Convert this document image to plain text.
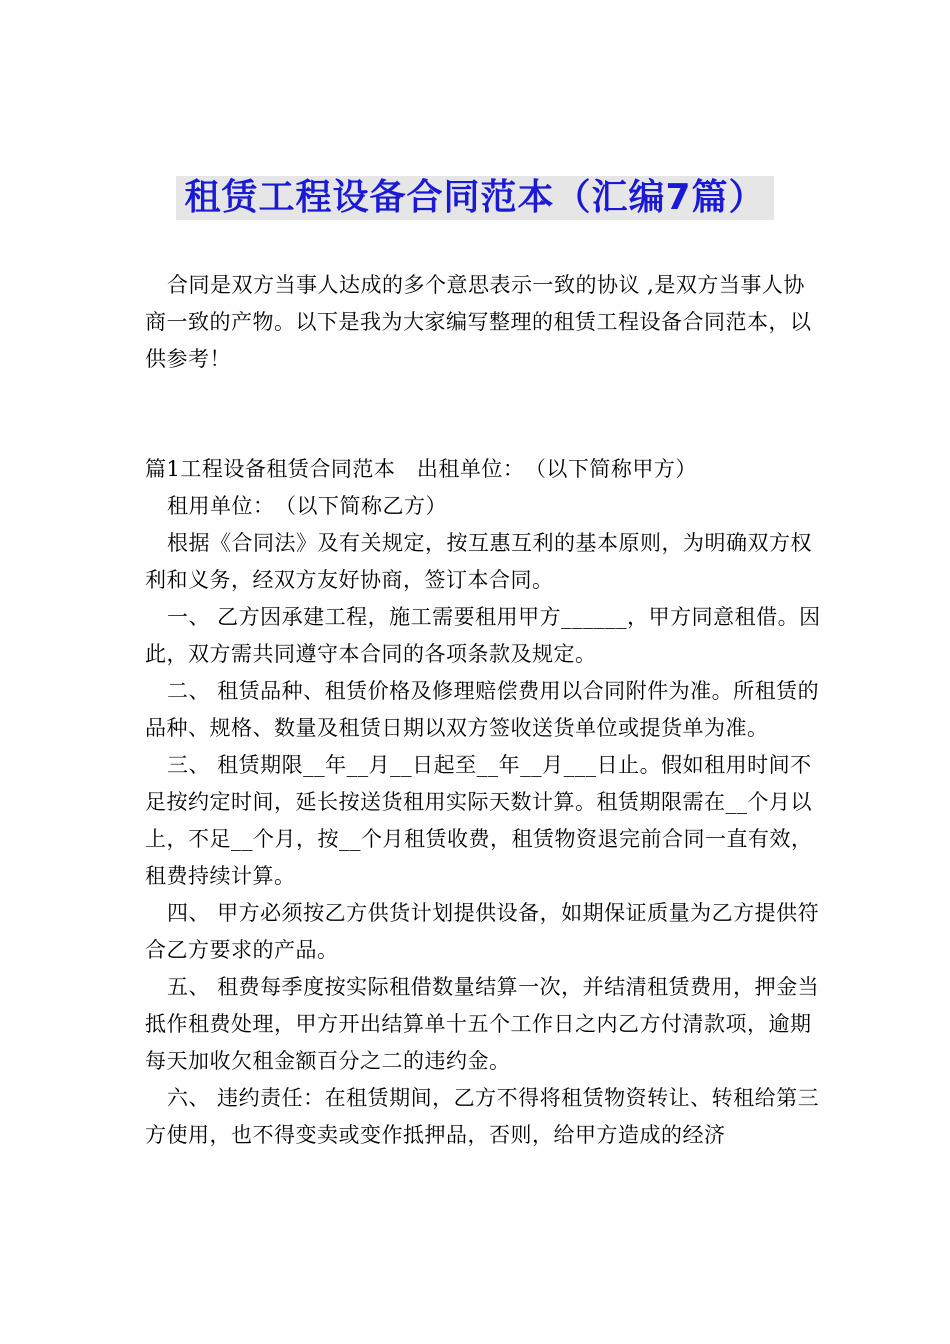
租赁工程设备合同范本（汇编7篇）

合同是双方当事人达成的多个意思表示一致的协议 ,是双方当事人协商一致的产物。以下是我为大家编写整理的租赁工程设备合同范本，以供参考！

篇1工程设备租赁合同范本　出租单位：　（以下简称甲方）

租用单位：　（以下简称乙方）

根据《合同法》及有关规定，按互惠互利的基本原则，为明确双方权利和义务，经双方友好协商，签订本合同。

一、 乙方因承建工程，施工需要租用甲方______，甲方同意租借。因此，双方需共同遵守本合同的各项条款及规定。

二、 租赁品种、租赁价格及修理赔偿费用以合同附件为准。所租赁的品种、规格、数量及租赁日期以双方签收送货单位或提货单为准。

三、 租赁期限__年__月__日起至__年__月___日止。假如租用时间不足按约定时间，延长按送货租用实际天数计算。租赁期限需在__个月以上，不足__个月，按__个月租赁收费，租赁物资退完前合同一直有效，租费持续计算。

四、 甲方必须按乙方供货计划提供设备，如期保证质量为乙方提供符合乙方要求的产品。

五、 租费每季度按实际租借数量结算一次，并结清租赁费用，押金当抵作租费处理，甲方开出结算单十五个工作日之内乙方付清款项，逾期每天加收欠租金额百分之二的违约金。

六、 违约责任：在租赁期间，乙方不得将租赁物资转让、转租给第三方使用，也不得变卖或变作抵押品，否则，给甲方造成的经济
